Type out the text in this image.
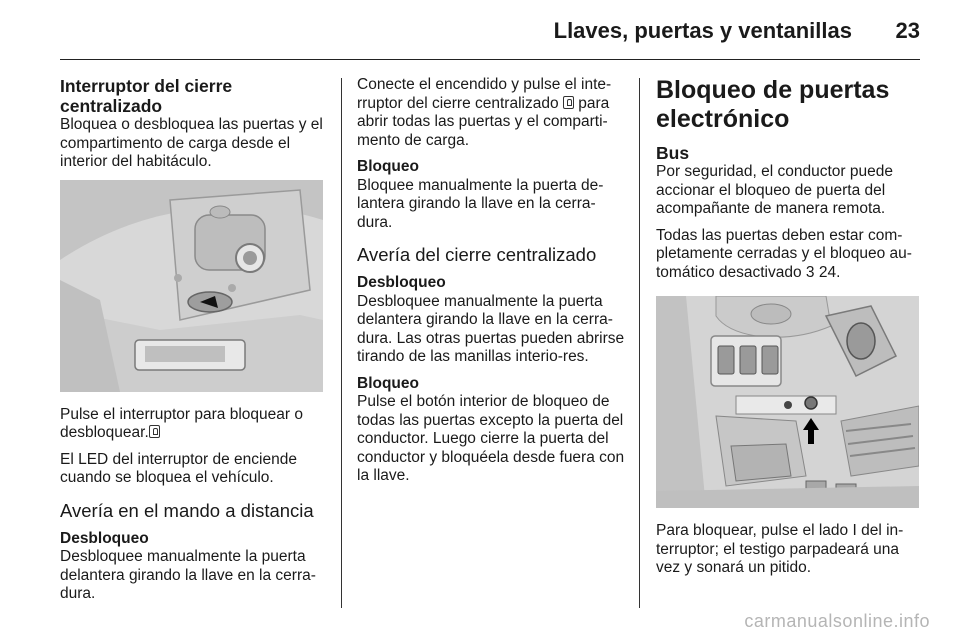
Llaves, puertas y ventanillas 23
Interruptor del cierre centralizado

Bloquea o desbloquea las puertas y el compartimento de carga desde el interior del habitáculo.

Pulse el interruptor para bloquear o desbloquear.

El LED del interruptor de enciende cuando se bloquea el vehículo.

Avería en el mando a distancia
Desbloqueo

Desbloquee manualmente la puerta delantera girando la llave en la cerra-dura.

Conecte el encendido y pulse el inte-rruptor del cierre centralizado  para abrir todas las puertas y el comparti-mento de carga.

Bloqueo

Bloquee manualmente la puerta de-lantera girando la llave en la cerra-dura.

Avería del cierre centralizado
Desbloqueo

Desbloquee manualmente la puerta delantera girando la llave en la cerra-dura. Las otras puertas pueden abrirse tirando de las manillas interio-res.

Bloqueo

Pulse el botón interior de bloqueo de todas las puertas excepto la puerta del conductor. Luego cierre la puerta del conductor y bloquéela desde fuera con la llave.

Bloqueo de puertas electrónico
Bus

Por seguridad, el conductor puede accionar el bloqueo de puerta del acompañante de manera remota.

Todas las puertas deben estar com-pletamente cerradas y el bloqueo au-tomático desactivado 3 24.

Para bloquear, pulse el lado I del in-terruptor; el testigo parpadeará una vez y sonará un pitido.

carmanualsonline.info
